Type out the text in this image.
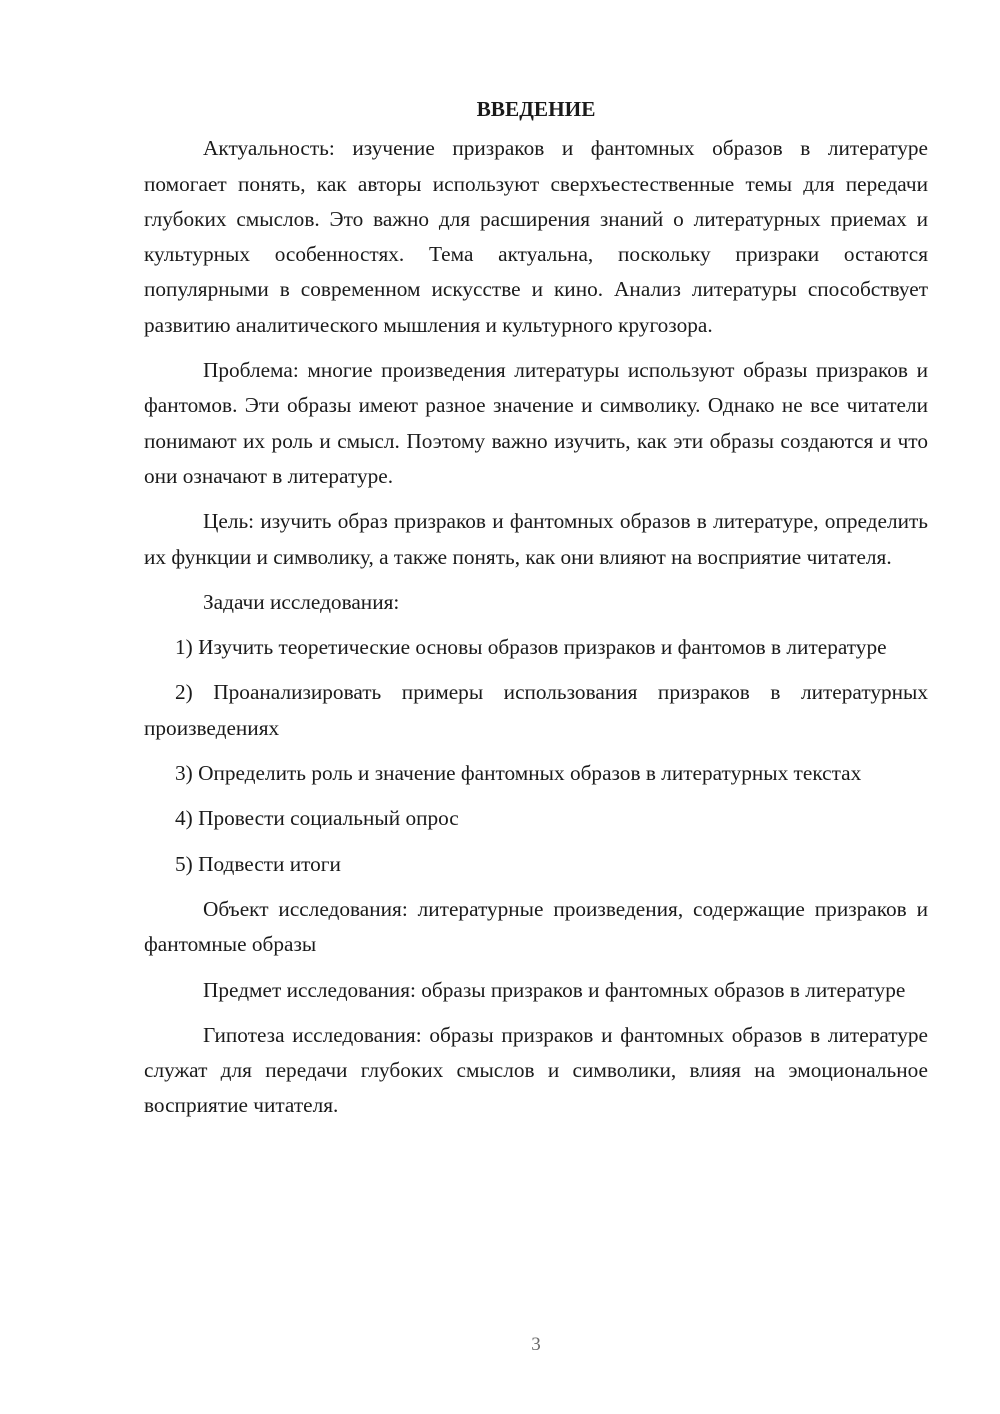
ВВЕДЕНИЕ

Актуальность: изучение призраков и фантомных образов в литературе помогает понять, как авторы используют сверхъестественные темы для передачи глубоких смыслов. Это важно для расширения знаний о литературных приемах и культурных особенностях. Тема актуальна, поскольку призраки остаются популярными в современном искусстве и кино. Анализ литературы способствует развитию аналитического мышления и культурного кругозора.

Проблема: многие произведения литературы используют образы призраков и фантомов. Эти образы имеют разное значение и символику. Однако не все читатели понимают их роль и смысл. Поэтому важно изучить, как эти образы создаются и что они означают в литературе.

Цель: изучить образ призраков и фантомных образов в литературе, определить их функции и символику, а также понять, как они влияют на восприятие читателя.

Задачи исследования:

1) Изучить теоретические основы образов призраков и фантомов в литературе

2) Проанализировать примеры использования призраков в литературных произведениях

3) Определить роль и значение фантомных образов в литературных текстах

4) Провести социальный опрос

5) Подвести итоги

Объект исследования: литературные произведения, содержащие призраков и фантомные образы

Предмет исследования: образы призраков и фантомных образов в литературе

Гипотеза исследования: образы призраков и фантомных образов в литературе служат для передачи глубоких смыслов и символики, влияя на эмоциональное восприятие читателя.

3
